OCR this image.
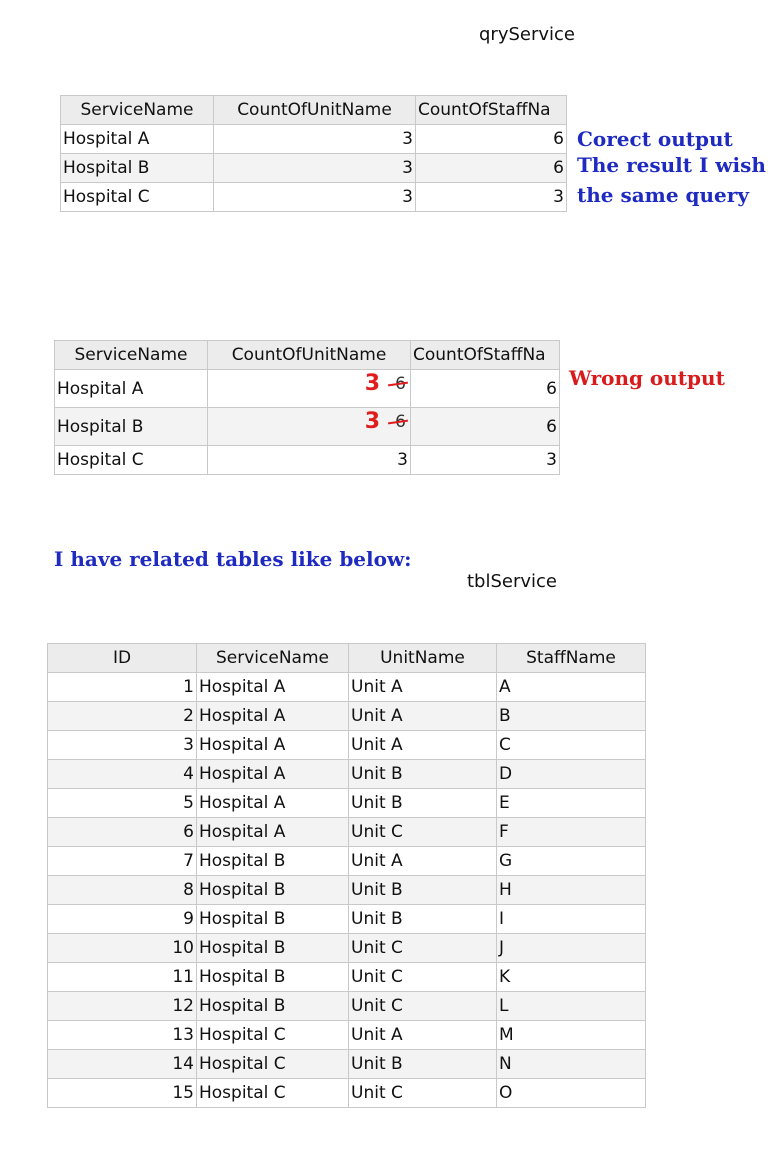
qryService
ServiceName	CountOfUnitName	CountOfStaffNa
Hospital A	3	6
Hospital B	3	6
Hospital C	3	3
Corect output
The result I wish
the same query
ServiceName	CountOfUnitName	CountOfStaffNa
Hospital A	3	6
Hospital B	3	6
Hospital C	3	3
Wrong output
I have related tables like below:
tblService
ID	ServiceName	UnitName	StaffName
1	Hospital A	Unit A	A
2	Hospital A	Unit A	B
3	Hospital A	Unit A	C
4	Hospital A	Unit B	D
5	Hospital A	Unit B	E
6	Hospital A	Unit C	F
7	Hospital B	Unit A	G
8	Hospital B	Unit B	H
9	Hospital B	Unit B	I
10	Hospital B	Unit C	J
11	Hospital B	Unit C	K
12	Hospital B	Unit C	L
13	Hospital C	Unit A	M
14	Hospital C	Unit B	N
15	Hospital C	Unit C	O
